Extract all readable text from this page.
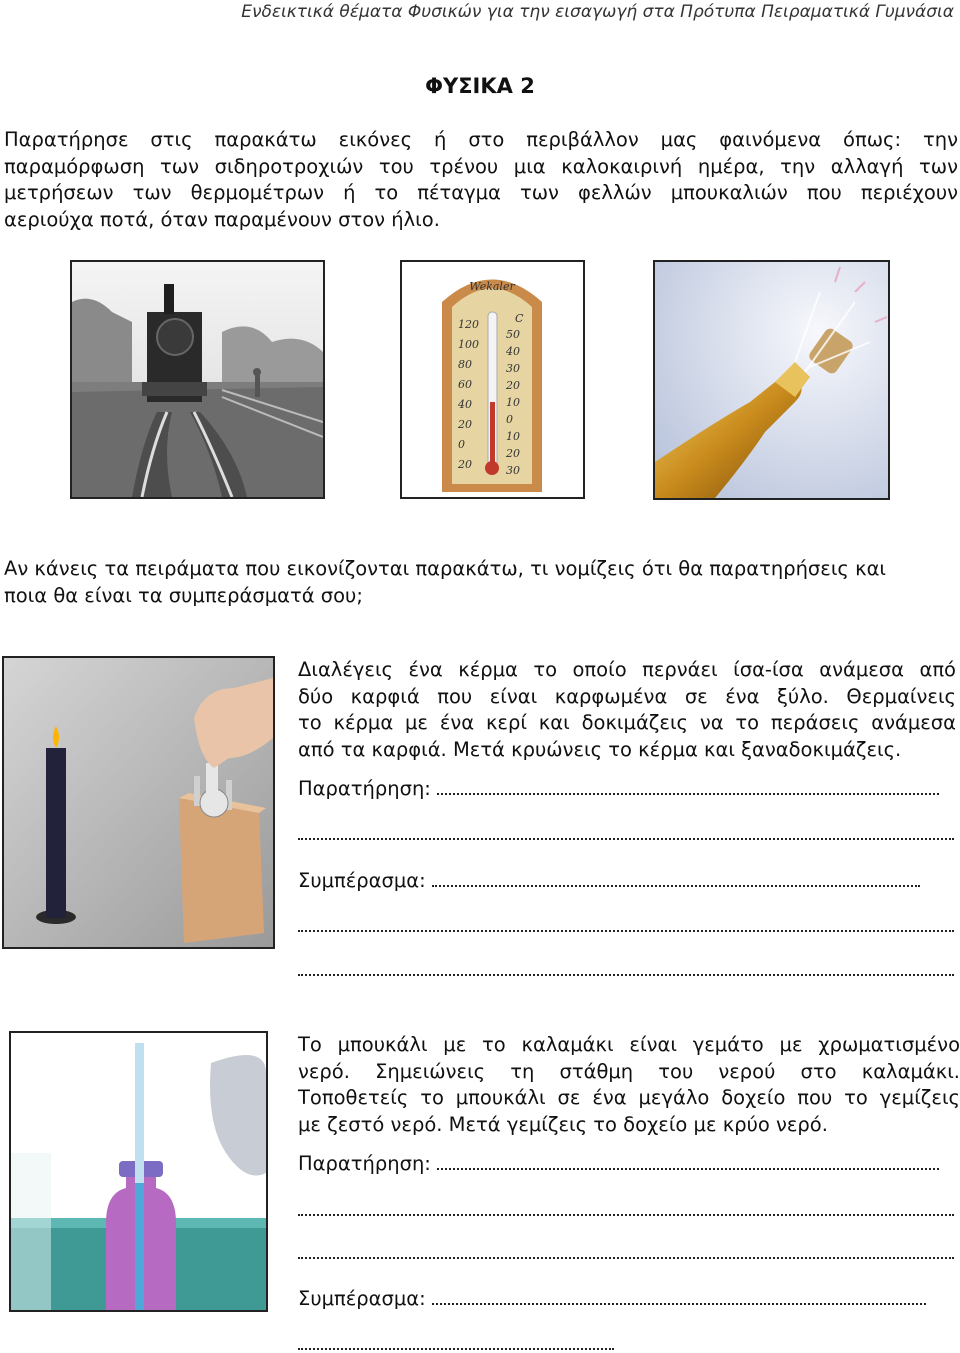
Ενδεικτικά θέματα Φυσικών για την εισαγωγή στα Πρότυπα Πειραματικά Γυμνάσια
ΦΥΣΙΚΑ 2
Παρατήρησε στις παρακάτω εικόνες ή στο περιβάλλον μας φαινόμενα όπως: την
παραμόρφωση των σιδηροτροχιών του τρένου μια καλοκαιρινή ημέρα, την αλλαγή των
μετρήσεων των θερμομέτρων ή το πέταγμα των φελλών μπουκαλιών που περιέχουν
αεριούχα ποτά, όταν παραμένουν στον ήλιο.
Wekaler
C
120
100
80
60
40
20
0
20
50
40
30
20
10
0
10
20
30
Αν κάνεις τα πειράματα που εικονίζονται παρακάτω, τι νομίζεις ότι θα παρατηρήσεις και
ποια θα είναι τα συμπεράσματά σου;
Διαλέγεις ένα κέρμα το οποίο περνάει ίσα-ίσα ανάμεσα από
δύο καρφιά που είναι καρφωμένα σε ένα ξύλο. Θερμαίνεις
το κέρμα με ένα κερί και δοκιμάζεις να το περάσεις ανάμεσα
από τα καρφιά. Μετά κρυώνεις το κέρμα και ξαναδοκιμάζεις.
Παρατήρηση:
Συμπέρασμα:
Το μπουκάλι με το καλαμάκι είναι γεμάτο με χρωματισμένο
νερό. Σημειώνεις τη στάθμη του νερού στο καλαμάκι.
Τοποθετείς το μπουκάλι σε ένα μεγάλο δοχείο που το γεμίζεις
με ζεστό νερό. Μετά γεμίζεις το δοχείο με κρύο νερό.
Παρατήρηση:
Συμπέρασμα:
